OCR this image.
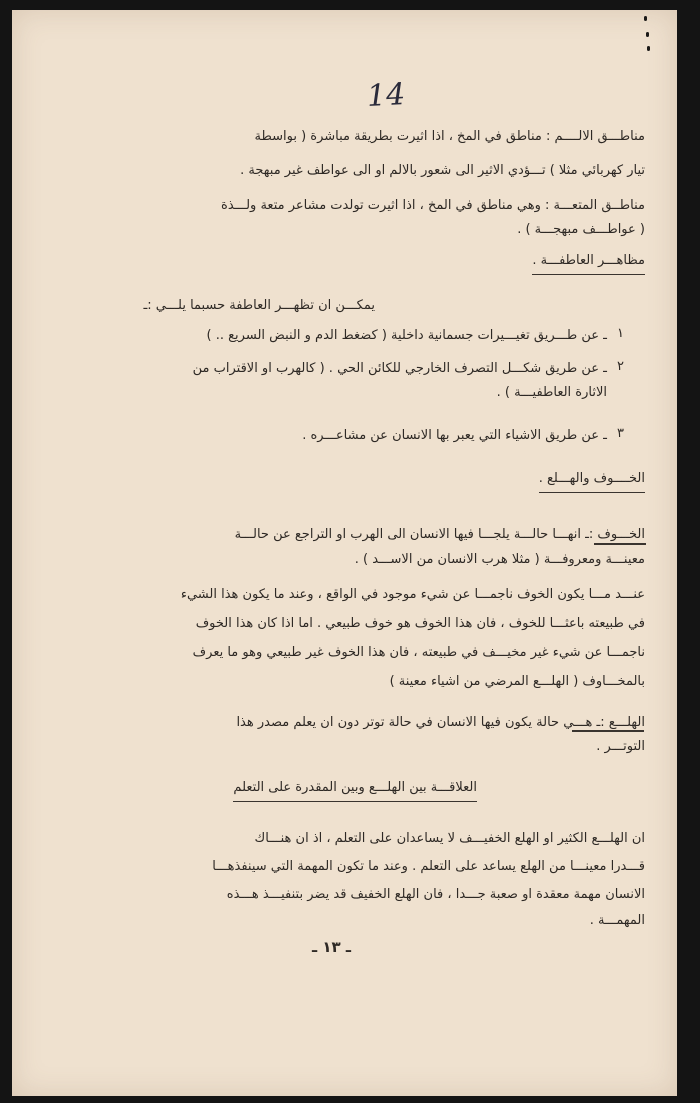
14
مناطـــق الالــــم : مناطق في المخ ، اذا اثيرت بطريقة مباشرة ( بواسطة
تيار كهربائي مثلا ) تـــؤدي الاثير الى شعور بالالم او الى عواطف غير مبهجة .
مناطــق المتعـــة : وهي مناطق في المخ ، اذا اثيرت تولدت مشاعر متعة ولـــذة
( عواطـــف مبهجـــة ) .
مظاهـــر العاطفـــة .
يمكـــن ان تظهـــر العاطفة حسبما يلـــي :ـ
١
ـ عن طـــريق تغيـــيرات جسمانية داخلية ( كضغط الدم و النبض السريع .. )
٢
ـ عن طريق شكـــل التصرف الخارجي للكائن الحي . ( كالهرب او الاقتراب من
الاثارة العاطفيـــة ) .
٣
ـ عن طريق الاشياء التي يعبر بها الانسان عن مشاعـــره .
الخــــوف والهـــلع .
الخـــوف :ـ انهـــا حالـــة يلجـــا فيها الانسان الى الهرب او التراجع عن حالـــة
معينـــة ومعروفـــة ( مثلا هرب الانسان من الاســـد ) .
عنـــد مـــا يكون الخوف ناجمـــا عن شيء موجود في الواقع ، وعند ما يكون هذا الشيء
في طبيعته باعثـــا للخوف ، فان هذا الخوف هو خوف طبيعي . اما اذا كان هذا الخوف
ناجمـــا عن شيء غير مخيـــف في طبيعته ، فان هذا الخوف غير طبيعي وهو ما يعرف
بالمخـــاوف ( الهلـــع المرضي من اشياء معينة )
الهلـــع :ـ هـــي حالة يكون فيها الانسان في حالة توتر دون ان يعلم مصدر هذا
التوتـــر .
العلاقـــة بين الهلـــع وبين المقدرة على التعلم
ان الهلـــع الكثير او الهلع الخفيـــف لا يساعدان على التعلم ، اذ ان هنـــاك
قـــدرا معينـــا من الهلع يساعد على التعلم . وعند ما تكون المهمة التي سينفذهـــا
الانسان مهمة معقدة او صعبة جـــدا ، فان الهلع الخفيف قد يضر بتنفيـــذ هـــذه
المهمـــة .
ـ ١٣ ـ
